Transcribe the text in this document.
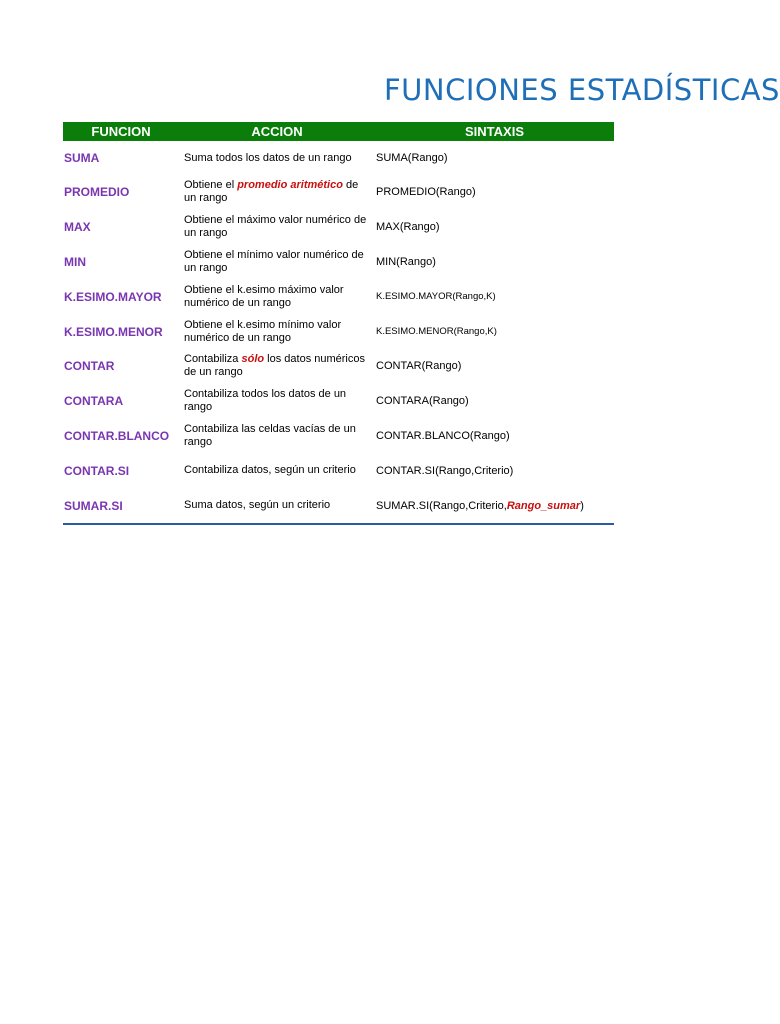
FUNCIONES ESTADÍSTICAS
FUNCION	ACCION	SINTAXIS
SUMA	Suma todos los datos de un rango	SUMA(Rango)
PROMEDIO	Obtiene el promedio aritmético de un rango	PROMEDIO(Rango)
MAX	Obtiene el máximo valor numérico de un rango	MAX(Rango)
MIN	Obtiene el mínimo valor numérico de un rango	MIN(Rango)
K.ESIMO.MAYOR	Obtiene el k.esimo máximo valor numérico de un rango	K.ESIMO.MAYOR(Rango,K)
K.ESIMO.MENOR	Obtiene el k.esimo mínimo valor numérico de un rango	K.ESIMO.MENOR(Rango,K)
CONTAR	Contabiliza sólo los datos numéricos de un rango	CONTAR(Rango)
CONTARA	Contabiliza todos los datos de un rango	CONTARA(Rango)
CONTAR.BLANCO	Contabiliza las celdas vacías de un rango	CONTAR.BLANCO(Rango)
CONTAR.SI	Contabiliza datos, según un criterio	CONTAR.SI(Rango,Criterio)
SUMAR.SI	Suma datos, según un criterio	SUMAR.SI(Rango,Criterio,Rango_sumar)
